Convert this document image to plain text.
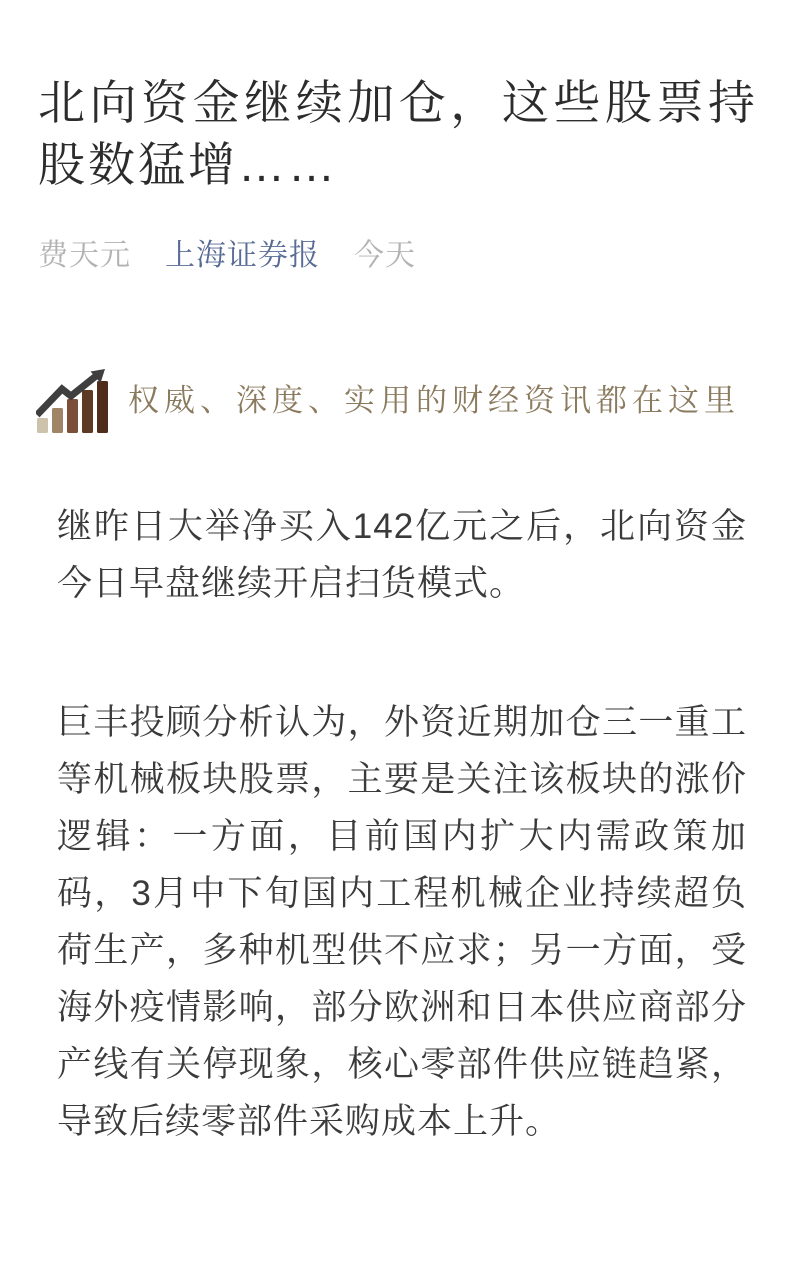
北向资金继续加仓，这些股票持股数猛增……
费天元 上海证券报 今天
权威、深度、实用的财经资讯都在这里

继昨日大举净买入142亿元之后，北向资金今日早盘继续开启扫货模式。

巨丰投顾分析认为，外资近期加仓三一重工等机械板块股票，主要是关注该板块的涨价逻辑：一方面，目前国内扩大内需政策加码，3月中下旬国内工程机械企业持续超负荷生产，多种机型供不应求；另一方面，受海外疫情影响，部分欧洲和日本供应商部分产线有关停现象，核心零部件供应链趋紧，导致后续零部件采购成本上升。
